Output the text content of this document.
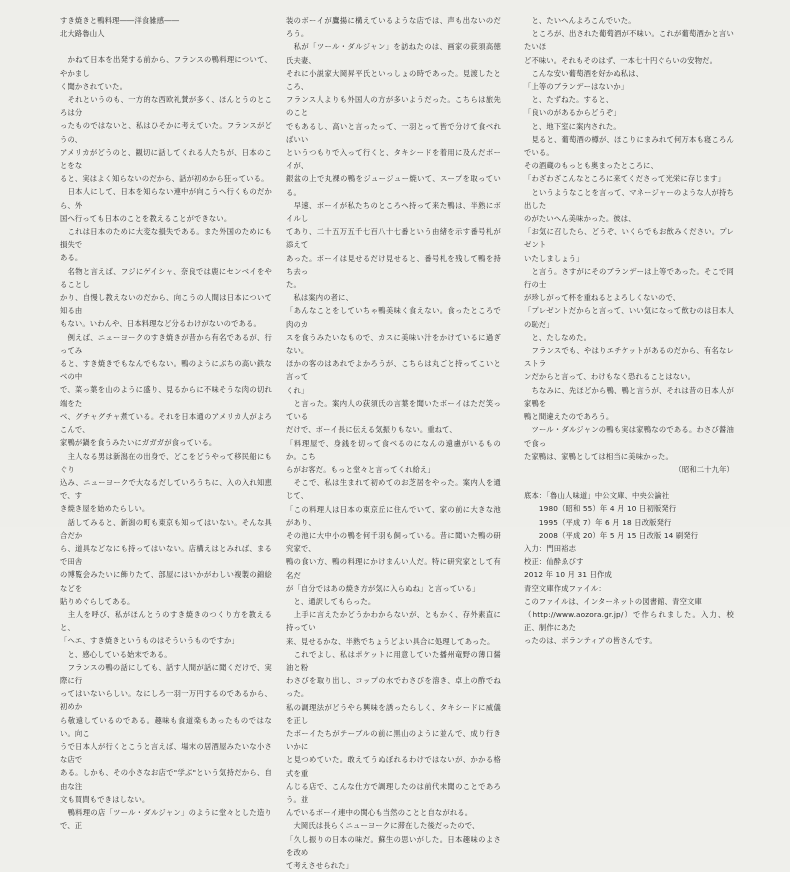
すき焼きと鴨料理――洋食雑感――

北大路魯山人

　かねて日本を出発する前から、フランスの鴨料理について、やかまし

く聞かされていた。

　それというのも、一方的な西欧礼賛が多く、ほんとうのところは分

ったものではないと、私はひそかに考えていた。フランスがどうの、

アメリカがどうのと、観切に話してくれる人たちが、日本のことをな

ると、実はよく知らないのだから、話が初めから狂っている。

　日本人にして、日本を知らない連中が向こうへ行くものだから、外

国へ行っても日本のことを教えることができない。

　これは日本のために大変な損失である。また外国のためにも損失で

ある。

　名物と言えば、フジにゲイシャ、奈良では鹿にセンベイをやることし

かり、自慢し教えないのだから、向こうの人間は日本について知る由

もない。いわんや、日本料理など分るわけがないのである。

　例えば、ニューヨークのすき焼きが昔から有名であるが、行ってみ

ると、すき焼きでもなんでもない。鴨のようにぶちの高い鉄なべの中

で、菜っ葉を山のように盛り、見るからに不味そうな肉の切れ端をた

べ、グチャグチャ煮ている。それを日本通のアメリカ人がよろこんで、

家鴨が鍋を食うみたいにガガガが食っている。

　主人なる男は新潟在の出身で、どこをどうやって移民船にもぐり

込み、ニューヨークで大なるだしていろうちに、入の入れ知恵で、す

き焼き屋を始めたらしい。

　話してみると、新潟の町も東京も知ってはいない。そんな具合だか

ら、道具などなにも持ってはいない。店構えはとみれば、まるで田舎

の博覧会みたいに飾りたて、部屋にはいかがわしい複製の錦絵などを

貼りめぐらしてある。

　主人を呼び、私がほんとうのすき焼きのつくり方を教えると、

「ヘエ、すき焼きというものはそういうものですか」

　と、感心している始末である。

　フランスの鴨の話にしても、話す人間が話に聞くだけで、実際に行

ってはいないらしい。なにしろ一羽一万円するのであるから、初めか

ら敬遠しているのである。趣味も食道楽もあったものではない。向こ

うで日本人が行くとこうと言えば、場末の居酒屋みたいな小さな店で

ある。しかも、その小さなお店で"学ぶ"という気持だから、自由な注

文も買問もできはしない。

　鴨料理の店「ツール・ダルジャン」のように堂々とした造りで、正

装のボーイが鷹揚に構えているような店では、声も出ないのだろう。

　私が「ツール・ダルジャン」を訪ねたのは、画家の荻須高徳氏夫妻、

それに小説家大岡昇平氏といっしょの時であった。見渡したところ、

フランス人よりも外国人の方が多いようだった。こちらは旅先のこと

でもあるし、高いと言ったって、一羽とって皆で分けて食べればいい

というつもりで入って行くと、タキシードを着用に及んだボーイが、

銀盆の上で丸裸の鴨をジュージュー焼いて、スープを取っている。

　早速、ボーイが私たちのところへ持って来た鴨は、半熟にボイルし

てあり、二十五万五千七百八十七番という由緒を示す番号札が添えて

あった。ボーイは見せるだけ見せると、番号札を残して鴨を持ち去っ

た。

　私は案内の者に、

「あんなことをしていちゃ鴨美味く食えない。食ったところで肉のカ

スを食うみたいなもので、カスに美味い汁をかけているに過ぎない。

ほかの客のはあれでよかろうが、こちらは丸ごと持ってこいと言って

くれ」

　と言った。案内人の荻須氏の言葉を聞いたボーイはただ笑っている

だけで、ボーイ長に伝える気振りもない。重ねて、

「料理屋で、身銭を切って食べるのになんの遠慮がいるものか。こち

らがお客だ。もっと堂々と言ってくれ給え」

　そこで、私は生まれて初めてのお芝居をやった。案内人を通じて、

「この料理人は日本の東京丘に住んでいて、家の前に大きな池があり、

その池に大中小の鴨を何千羽も飼っている。昔に聞いた鴨の研究家で、

鴨の食い方、鴨の料理にかけまんい人だ。特に研究家として有名だ

が「自分ではあの焼き方が気に入らぬね」と言っている」

　と、通訳してもらった。

　上手に言えたかどうかわからないが、ともかく、存外素直に持ってい

来、見せるかな、半熟でちょうどよい具合に処理してあった。

　これでよし、私はポケットに用意していた播州竜野の薄口醤油と粉

わさびを取り出し、コップの水でわさびを溶き、卓上の酢でねった。

私の調理法がどうやら興味を誘ったらしく、タキシードに威儀を正し

たボーイたちがテーブルの前に黒山のように並んで、成り行きいかに

と見つめていた。敢えてうぬぼれるわけではないが、かかる格式を重

んじる店で、こんな仕方で調理したのは前代未聞のことであろう。並

んでいるボーイ連中の関心も当然のことと自ながれる。

　大岡氏は長らくニューヨークに滞在した後だったので、

「久し振りの日本の味だ。蘇生の思いがした。日本趣味のよさを改め

て考えさせられた」

　と、たいへんよろこんでいた。

　ところが、出された葡萄酒が不味い。これが葡萄酒かと言いたいほ

ど不味い。それもそのはず、一本七十円ぐらいの安物だ。

　こんな安い葡萄酒を好かぬ私は、

「上等のブランデーはないか」

　と、たずねた。すると、

「良いのがあるからどうぞ」

　と、地下室に案内された。

　見ると、葡萄酒の樽が、ほこりにまみれて何万本も寝ころんでいる。

その酒蔵のもっとも奥まったところに、

「わざわざこんなところに来てくださって光栄に存じます」

　というようなことを言って、マネージャーのような人が持ち出した

のがたいへん美味かった。彼は、

「お気に召したら、どうぞ、いくらでもお飲みください。プレゼント

いたしましょう」

　と言う。さすがにそのブランデーは上等であった。そこで同行の士

が珍しがって杯を重ねるとよろしくないので、

「プレゼントだからと言って、いい気になって飲むのは日本人の恥だ」

　と、たしなめた。

　フランスでも、やはりエチケットがあるのだから、有名なレストラ

ンだからと言って、わけもなく恐れることはない。

　ちなみに、先ほどから鴨、鴨と言うが、それは昔の日本人が家鴨を

鴨と間違えたのであろう。

　ツール・ダルジャンの鴨も実は家鴨なのである。わさび醤油で食っ

た家鴨は、家鴨としては相当に美味かった。

（昭和二十九年）

底本：「魯山人味道」中公文庫、中央公論社

　　1980（昭和 55）年 4 月 10 日初版発行

　　1995（平成 7）年 6 月 18 日改版発行

　　2008（平成 20）年 5 月 15 日改版 14 刷発行

入力：門田裕志

校正：仙酔ゑびす

2012 年 10 月 31 日作成

青空文庫作成ファイル：

このファイルは、インターネットの図書館、青空文庫

（http://www.aozora.gr.jp/）で作られました。入力、校正、制作にあた

ったのは、ボランティアの皆さんです。
